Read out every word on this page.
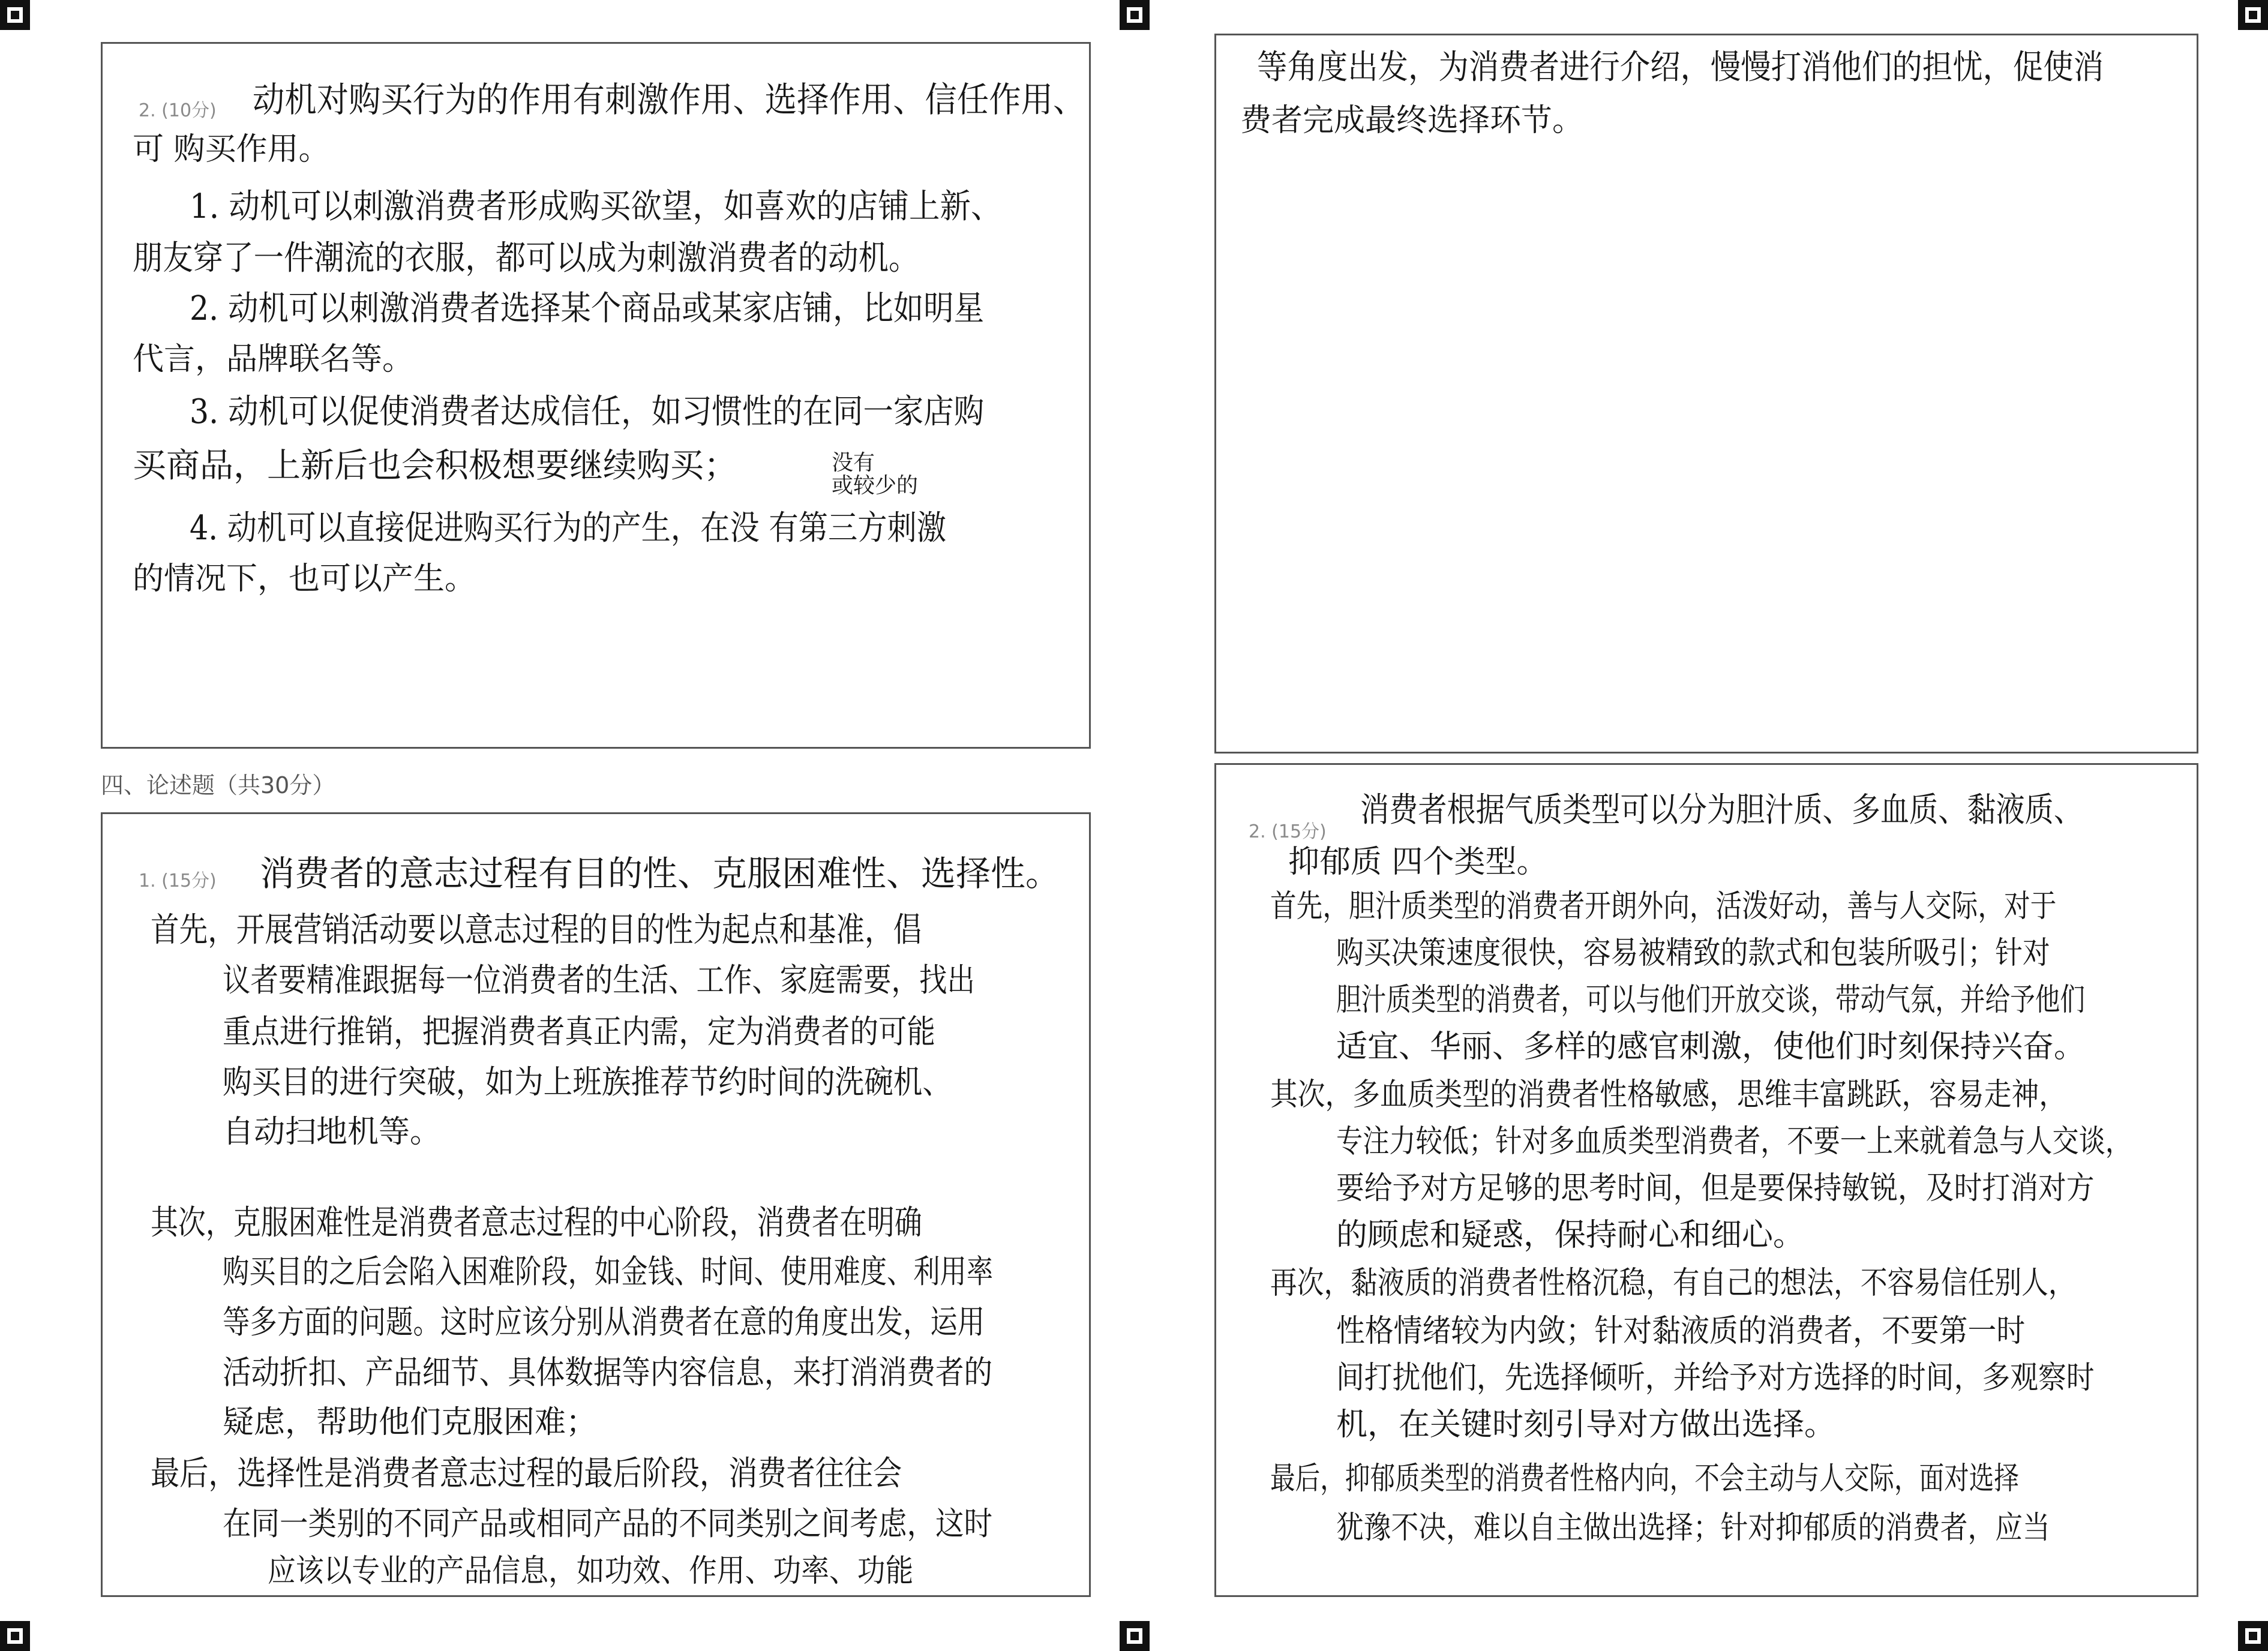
2. (10分) 动机对购买行为的作用有刺激作用、选择作用、信任作用、
可 购买作用。
1. 动机可以刺激消费者形成购买欲望，如喜欢的店铺上新、
朋友穿了一件潮流的衣服，都可以成为刺激消费者的动机。
2. 动机可以刺激消费者选择某个商品或某家店铺，比如明星
代言，品牌联名等。
3. 动机可以促使消费者达成信任，如习惯性的在同一家店购
买商品，上新后也会积极想要继续购买；
4. 动机可以直接促进购买行为的产生，在没 有第三方刺激
没有
或较少的
的情况下，也可以产生。
四、论述题（共30分）
1. (15分) 消费者的意志过程有目的性、克服困难性、选择性。
首先，开展营销活动要以意志过程的目的性为起点和基准，倡
议者要精准跟据每一位消费者的生活、工作、家庭需要，找出
重点进行推销，把握消费者真正内需，定为消费者的可能
购买目的进行突破，如为上班族推荐节约时间的洗碗机、
自动扫地机等。
其次，克服困难性是消费者意志过程的中心阶段，消费者在明确
购买目的之后会陷入困难阶段，如金钱、时间、使用难度、利用率
等多方面的问题。这时应该分别从消费者在意的角度出发，运用
活动折扣、产品细节、具体数据等内容信息，来打消消费者的
疑虑，帮助他们克服困难；
最后，选择性是消费者意志过程的最后阶段，消费者往往会
在同一类别的不同产品或相同产品的不同类别之间考虑，这时
应该以专业的产品信息，如功效、作用、功率、功能
等角度出发，为消费者进行介绍，慢慢打消他们的担忧，促使消
费者完成最终选择环节。
2. (15分)
消费者根据气质类型可以分为胆汁质、多血质、黏液质、
抑郁质 四个类型。
首先，胆汁质类型的消费者开朗外向，活泼好动，善与人交际，对于
购买决策速度很快，容易被精致的款式和包装所吸引；针对
胆汁质类型的消费者，可以与他们开放交谈，带动气氛，并给予他们
适宜、华丽、多样的感官刺激，使他们时刻保持兴奋。
其次，多血质类型的消费者性格敏感，思维丰富跳跃，容易走神，
专注力较低；针对多血质类型消费者，不要一上来就着急与人交谈，
要给予对方足够的思考时间，但是要保持敏锐，及时打消对方
的顾虑和疑惑，保持耐心和细心。
再次，黏液质的消费者性格沉稳，有自己的想法，不容易信任别人，
性格情绪较为内敛；针对黏液质的消费者，不要第一时
间打扰他们，先选择倾听，并给予对方选择的时间，多观察时
机，在关键时刻引导对方做出选择。
最后，抑郁质类型的消费者性格内向，不会主动与人交际，面对选择
犹豫不决，难以自主做出选择；针对抑郁质的消费者，应当
